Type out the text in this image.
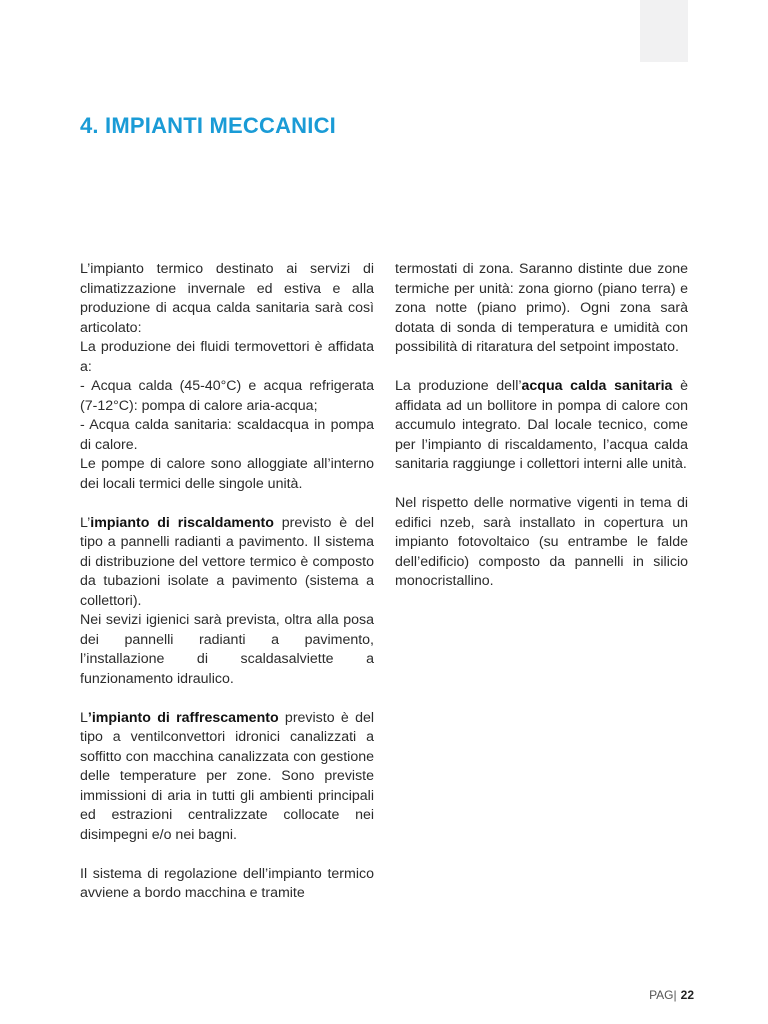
4. IMPIANTI MECCANICI

L’impianto termico destinato ai servizi di climatizzazione invernale ed estiva e alla produzione di acqua calda sanitaria sarà così articolato:

La produzione dei fluidi termovettori è affidata a:

- Acqua calda (45-40°C) e acqua refrigerata (7-12°C): pompa di calore aria-acqua;

- Acqua calda sanitaria: scaldacqua in pompa di calore.

Le pompe di calore sono alloggiate all’interno dei locali termici delle singole unità.

L’impianto di riscaldamento previsto è del tipo a pannelli radianti a pavimento. Il sistema di distribuzione del vettore termico è composto da tubazioni isolate a pavimento (sistema a collettori).

Nei sevizi igienici sarà prevista, oltra alla posa dei pannelli radianti a pavimento, l’installazione di scaldasalviette a funzionamento idraulico.

L’impianto di raffrescamento previsto è del tipo a ventilconvettori idronici canalizzati a soffitto con macchina canalizzata con gestione delle temperature per zone. Sono previste immissioni di aria in tutti gli ambienti principali ed estrazioni centralizzate collocate nei disimpegni e/o nei bagni.

Il sistema di regolazione dell’impianto termico avviene a bordo macchina e tramite

termostati di zona. Saranno distinte due zone termiche per unità: zona giorno (piano terra) e zona notte (piano primo). Ogni zona sarà dotata di sonda di temperatura e umidità con possibilità di ritaratura del setpoint impostato.

La produzione dell’acqua calda sanitaria è affidata ad un bollitore in pompa di calore con accumulo integrato. Dal locale tecnico, come per l’impianto di riscaldamento, l’acqua calda sanitaria raggiunge i collettori interni alle unità.

Nel rispetto delle normative vigenti in tema di edifici nzeb, sarà installato in copertura un impianto fotovoltaico (su entrambe le falde dell’edificio) composto da pannelli in silicio monocristallino.

PAG| 22
